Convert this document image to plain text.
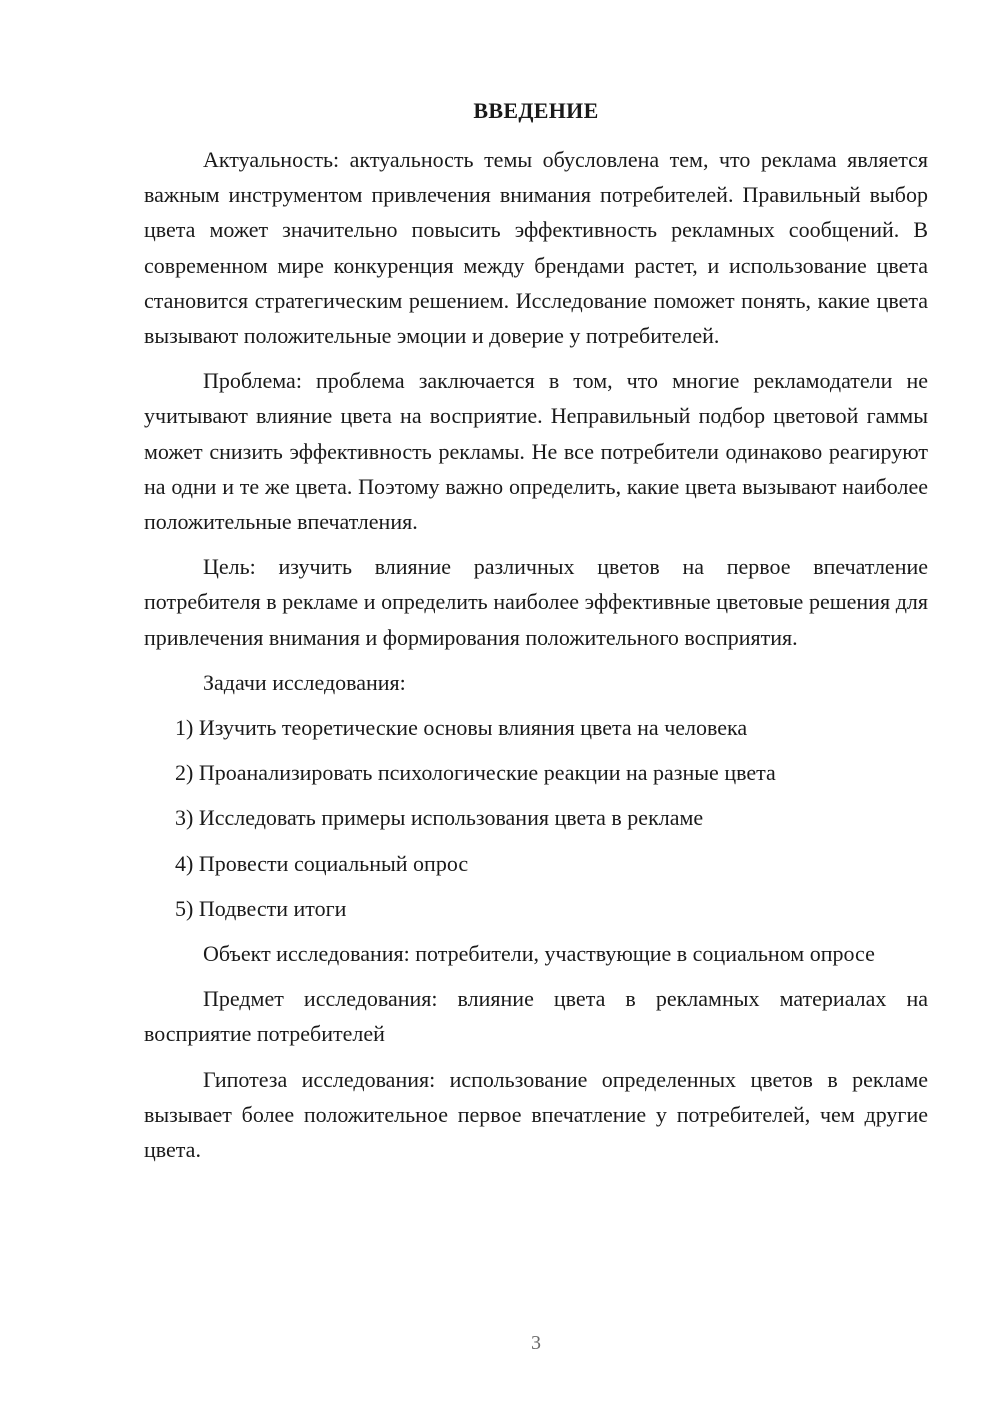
ВВЕДЕНИЕ

Актуальность: актуальность темы обусловлена тем, что реклама является важным инструментом привлечения внимания потребителей. Правильный выбор цвета может значительно повысить эффективность рекламных сообщений. В современном мире конкуренция между брендами растет, и использование цвета становится стратегическим решением. Исследование поможет понять, какие цвета вызывают положительные эмоции и доверие у потребителей.

Проблема: проблема заключается в том, что многие рекламодатели не учитывают влияние цвета на восприятие. Неправильный подбор цветовой гаммы может снизить эффективность рекламы. Не все потребители одинаково реагируют на одни и те же цвета. Поэтому важно определить, какие цвета вызывают наиболее положительные впечатления.

Цель: изучить влияние различных цветов на первое впечатление потребителя в рекламе и определить наиболее эффективные цветовые решения для привлечения внимания и формирования положительного восприятия.

Задачи исследования:

1) Изучить теоретические основы влияния цвета на человека

2) Проанализировать психологические реакции на разные цвета

3) Исследовать примеры использования цвета в рекламе

4) Провести социальный опрос

5) Подвести итоги

Объект исследования: потребители, участвующие в социальном опросе

Предмет исследования: влияние цвета в рекламных материалах на восприятие потребителей

Гипотеза исследования: использование определенных цветов в рекламе вызывает более положительное первое впечатление у потребителей, чем другие цвета.

3
